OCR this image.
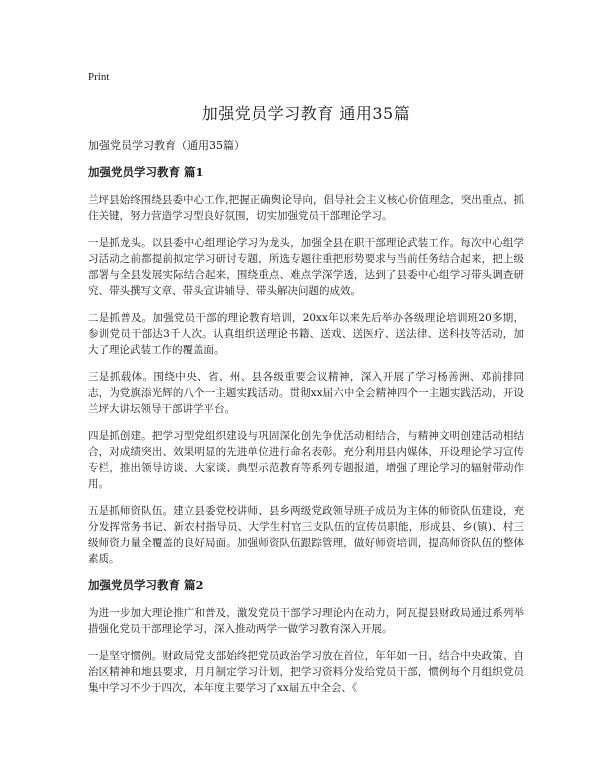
Print
加强党员学习教育 通用35篇
加强党员学习教育（通用35篇）
加强党员学习教育 篇1

兰坪县始终围绕县委中心工作,把握正确舆论导向，倡导社会主义核心价值理念，突出重点、抓住关键，努力营造学习型良好氛围，切实加强党员干部理论学习。

一是抓龙头。以县委中心组理论学习为龙头，加强全县在职干部理论武装工作。每次中心组学习活动之前都提前拟定学习研讨专题，所选专题往重把形势要求与当前任务结合起来，把上级部署与全县发展实际结合起来，围绕重点、难点学深学透，达到了县委中心组学习带头调查研究、带头撰写文章、带头宣讲辅导、带头解决问题的成效。

二是抓普及。加强党员干部的理论教育培训，20xx年以来先后举办各级理论培训班20多期，参训党员干部达3千人次。认真组织送理论书籍、送戏、送医疗、送法律、送科技等活动，加大了理论武装工作的覆盖面。

三是抓载体。围绕中央、省、州、县各级重要会议精神，深入开展了学习杨善洲、邓前排同志，为党旗添光辉的八个一主题实践活动。贯彻xx届六中全会精神四个一主题实践活动，开设兰坪大讲坛领导干部讲学平台。

四是抓创建。把学习型党组织建设与巩固深化创先争优活动相结合，与精神文明创建活动相结合，对成绩突出、效果明显的先进单位进行命名表彰。充分利用县内媒体，开设理论学习宣传专栏，推出领导访谈、大家谈、典型示范教育等系列专题报道，增强了理论学习的辐射带动作用。

五是抓师资队伍。建立县委党校讲师、县乡两级党政领导班子成员为主体的师资队伍建设，充分发挥常务书记、新农村指导员、大学生村官三支队伍的宣传员职能，形成县、乡(镇)、村三级师资力量全覆盖的良好局面。加强师资队伍跟踪管理，做好师资培训，提高师资队伍的整体素质。

加强党员学习教育 篇2

为进一步加大理论推广和普及，激发党员干部学习理论内在动力，阿瓦提县财政局通过系列举措强化党员干部理论学习，深入推动两学一做学习教育深入开展。

一是坚守惯例。财政局党支部始终把党员政治学习放在首位，年年如一日，结合中央政策、自治区精神和地县要求，月月制定学习计划，把学习资料分发给党员干部，惯例每个月组织党员集中学习不少于四次，本年度主要学习了xx届五中全会、《
